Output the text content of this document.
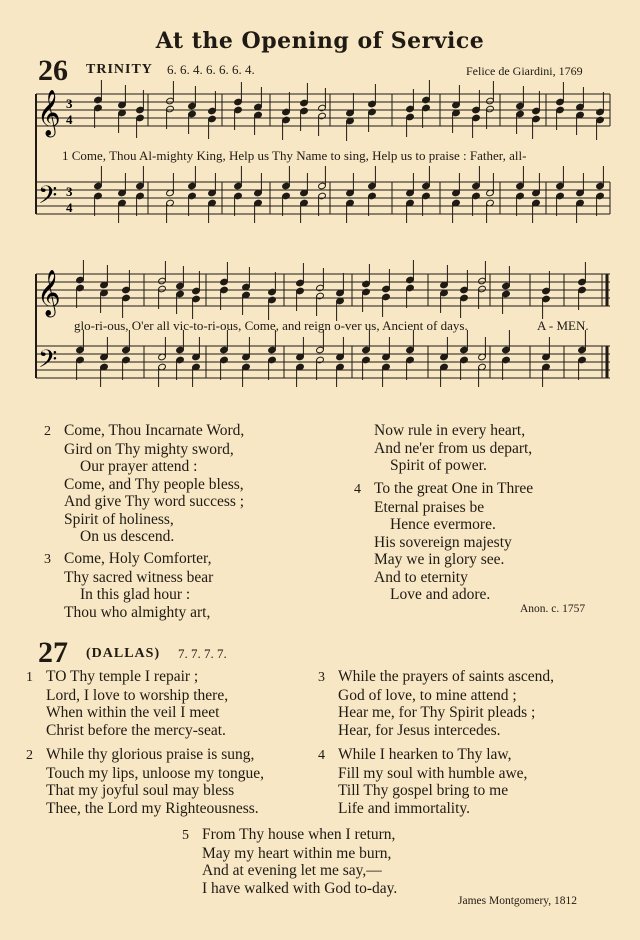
At the Opening of Service
26 TRINITY 6. 6. 4. 6. 6. 6. 4.	Felice de Giardini, 1769
𝄞
𝄢
3
4
3
4
1 Come, Thou Al-mighty King, Help us Thy Name to sing, Help us to praise : Father, all-
𝄞
𝄢
glo-ri-ous, O'er all vic-to-ri-ous, Come, and reign o-ver us, Ancient of days.	A - MEN.
2 Come, Thou Incarnate Word,
Gird on Thy mighty sword,
Our prayer attend :
Come, and Thy people bless,
And give Thy word success ;
Spirit of holiness,
On us descend.
3 Come, Holy Comforter,
Thy sacred witness bear
In this glad hour :
Thou who almighty art,
Now rule in every heart,
And ne'er from us depart,
Spirit of power.
4 To the great One in Three
Eternal praises be
Hence evermore.
His sovereign majesty
May we in glory see.
And to eternity
Love and adore.
Anon. c. 1757
27 (DALLAS) 7. 7. 7. 7.
1 TO Thy temple I repair ;
Lord, I love to worship there,
When within the veil I meet
Christ before the mercy-seat.
2 While thy glorious praise is sung,
Touch my lips, unloose my tongue,
That my joyful soul may bless
Thee, the Lord my Righteousness.
3 While the prayers of saints ascend,
God of love, to mine attend ;
Hear me, for Thy Spirit pleads ;
Hear, for Jesus intercedes.
4 While I hearken to Thy law,
Fill my soul with humble awe,
Till Thy gospel bring to me
Life and immortality.
5 From Thy house when I return,
May my heart within me burn,
And at evening let me say,—
I have walked with God to-day.
James Montgomery, 1812
